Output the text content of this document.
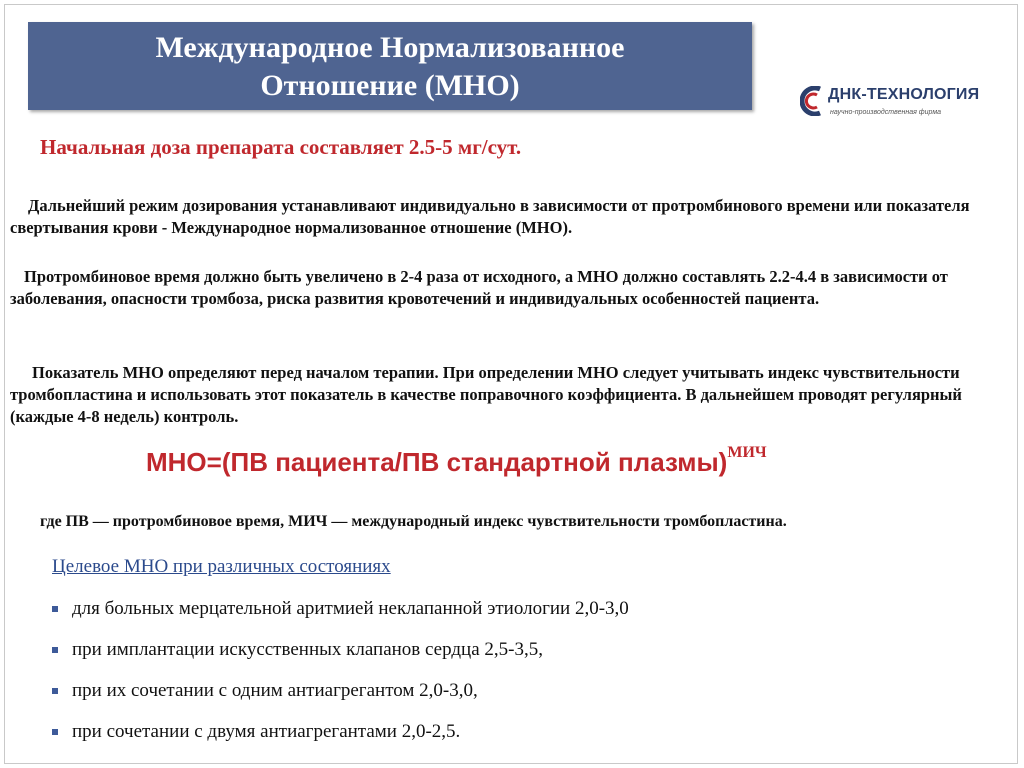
Международное Нормализованное
Отношение (МНО)	ДНК-ТЕХНОЛОГИЯ
научно-производственная фирма
Начальная доза препарата составляет 2.5-5 мг/сут.
Дальнейший режим дозирования устанавливают индивидуально в зависимости от протромбинового времени или показателя свертывания крови - Международное нормализованное отношение (МНО).
Протромбиновое время должно быть увеличено в 2-4 раза от исходного, а МНО должно составлять 2.2-4.4 в зависимости от заболевания, опасности тромбоза, риска развития кровотечений и индивидуальных особенностей пациента.
Показатель МНО определяют перед началом терапии. При определении МНО следует учитывать индекс чувствительности тромбопластина и использовать этот показатель в качестве поправочного коэффициента. В дальнейшем проводят регулярный (каждые 4-8 недель) контроль.
МНО=(ПВ пациента/ПВ стандартной плазмы)$^{МИЧ}$
где ПВ — протромбиновое время, МИЧ — международный индекс чувствительности тромбопластина.
Целевое МНО при различных состояниях
для больных мерцательной аритмией неклапанной этиологии 2,0-3,0
при имплантации искусственных клапанов сердца 2,5-3,5,
при их сочетании с одним антиагрегантом 2,0-3,0,
при сочетании с двумя антиагрегантами 2,0-2,5.
